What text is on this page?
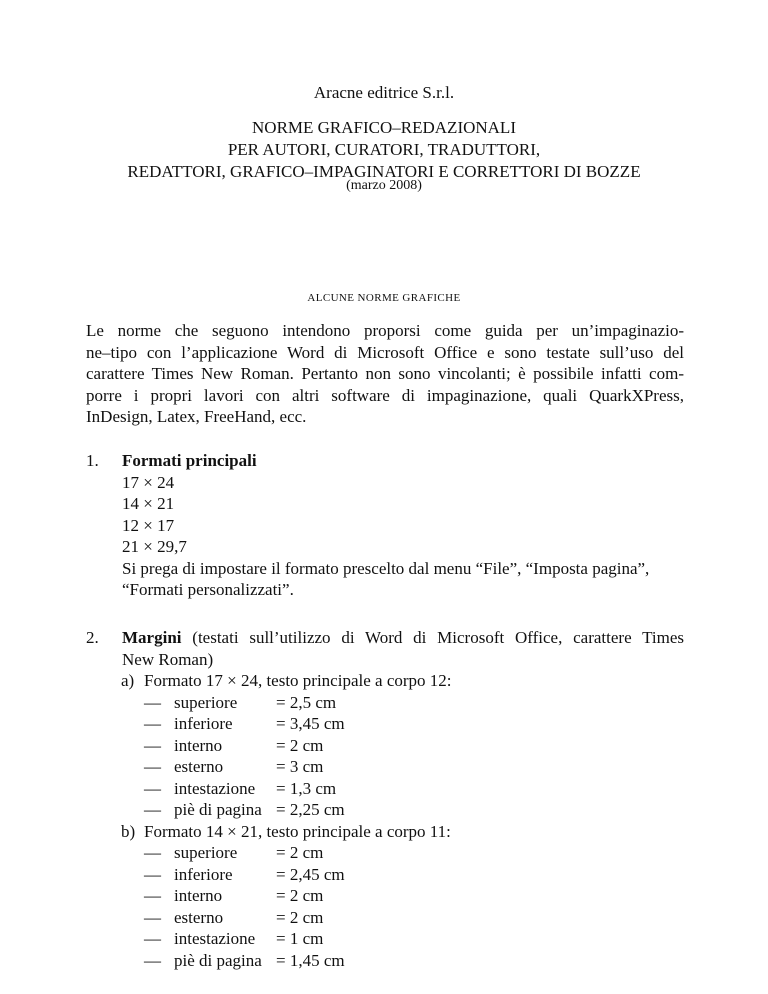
Aracne editrice S.r.l.
NORME GRAFICO–REDAZIONALI
PER AUTORI, CURATORI, TRADUTTORI,
REDATTORI, GRAFICO–IMPAGINATORI E CORRETTORI DI BOZZE
(marzo 2008)
ALCUNE NORME GRAFICHE
Le norme che seguono intendono proporsi come guida per un’impaginazio-
ne–tipo con l’applicazione Word di Microsoft Office e sono testate sull’uso del
carattere Times New Roman. Pertanto non sono vincolanti; è possibile infatti com-
porre i propri lavori con altri software di impaginazione, quali QuarkXPress,
InDesign, Latex, FreeHand, ecc.
1. Formati principali
17 × 24
14 × 21
12 × 17
21 × 29,7
Si prega di impostare il formato prescelto dal menu “File”, “Imposta pagina”,
“Formati personalizzati”.
2. Margini (testati sull’utilizzo di Word di Microsoft Office, carattere Times
New Roman)
a) Formato 17 × 24, testo principale a corpo 12:
— superiore = 2,5 cm
— inferiore	= 3,45 cm
— interno	= 2 cm
— esterno	= 3 cm
— intestazione = 1,3 cm
— piè di pagina = 2,25 cm
b) Formato 14 × 21, testo principale a corpo 11:
— superiore = 2 cm
— inferiore	= 2,45 cm
— interno	= 2 cm
— esterno	= 2 cm
— intestazione = 1 cm
— piè di pagina = 1,45 cm
